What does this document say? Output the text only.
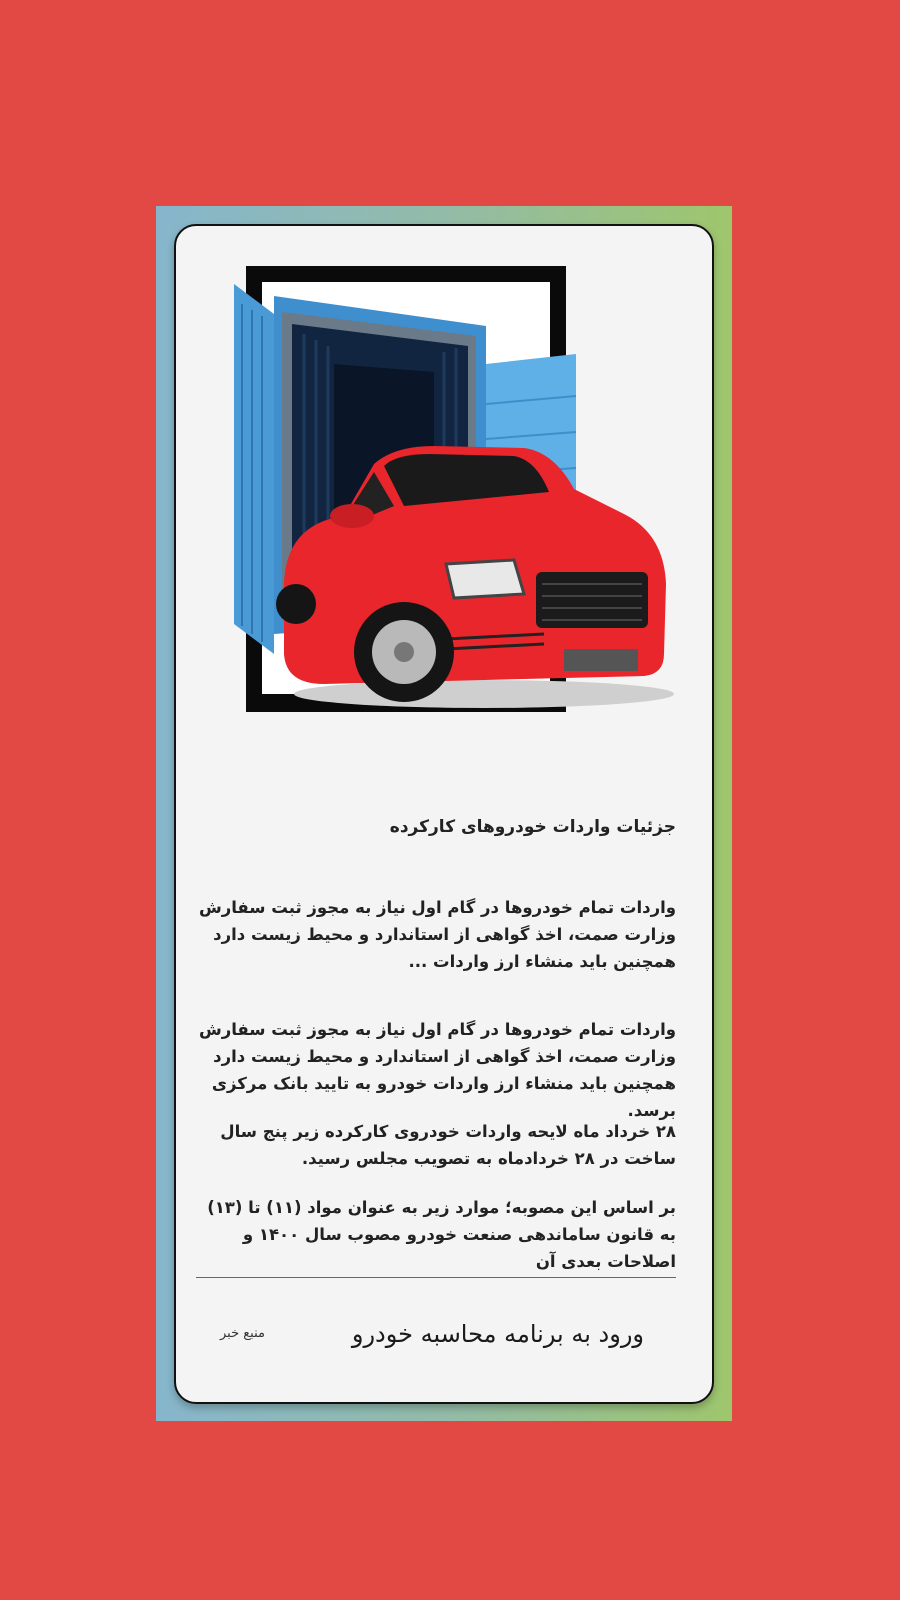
جزئیات واردات خودروهای کارکرده
واردات تمام خودروها در گام اول نیاز به مجوز ثبت سفارش وزارت صمت، اخذ گواهی از استاندارد و محیط زیست دارد همچنین باید منشاء ارز واردات ...
واردات تمام خودروها در گام اول نیاز به مجوز ثبت سفارش وزارت صمت، اخذ گواهی از استاندارد و محیط زیست دارد همچنین باید منشاء ارز واردات خودرو به تایید بانک مرکزی برسد.
۲۸ خرداد ماه لایحه واردات خودروی کارکرده زیر پنج سال ساخت در ۲۸ خردادماه به تصویب مجلس رسید.
بر اساس این مصوبه؛ موارد زیر به عنوان مواد (۱۱) تا (۱۳) به قانون ساماندهی صنعت خودرو مصوب سال ۱۴۰۰ و اصلاحات بعدی آن
ورود به برنامه محاسبه خودرو
منبع خبر
